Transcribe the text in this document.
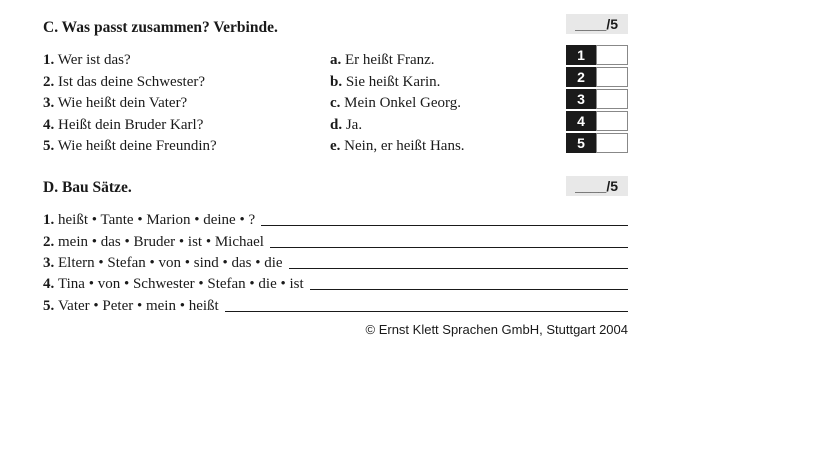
C. Was passt zusammen? Verbinde.	____/5
1. Wer ist das?
2. Ist das deine Schwester?
3. Wie heißt dein Vater?
4. Heißt dein Bruder Karl?
5. Wie heißt deine Freundin?
a. Er heißt Franz.
b. Sie heißt Karin.
c. Mein Onkel Georg.
d. Ja.
e. Nein, er heißt Hans.
1
2
3
4
5
D. Bau Sätze.	____/5
1.
heißt • Tante • Marion • deine • ?
2.
mein • das • Bruder • ist • Michael
3.
Eltern • Stefan • von • sind • das • die
4.
Tina • von • Schwester • Stefan • die • ist
5.
Vater • Peter • mein • heißt
© Ernst Klett Sprachen GmbH, Stuttgart 2004
